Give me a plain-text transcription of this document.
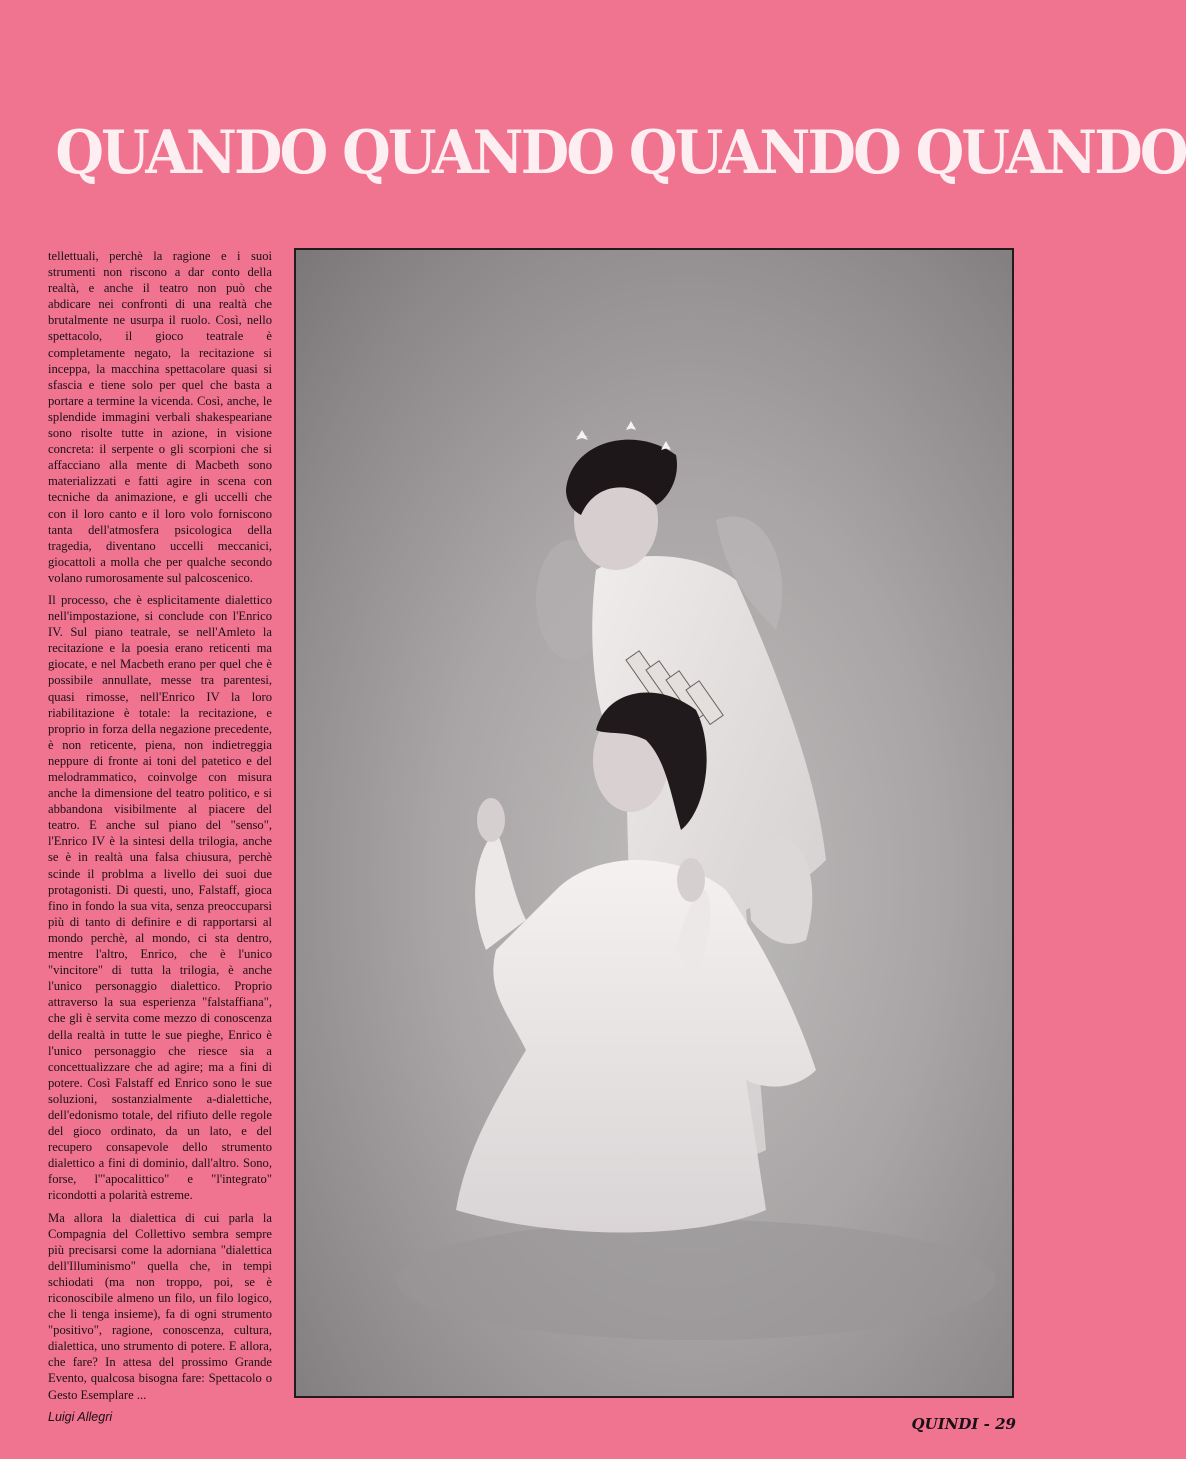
QUANDO QUANDO QUANDO QUANDO

tellettuali, perchè la ragione e i suoi strumenti non riscono a dar conto della realtà, e anche il teatro non può che abdicare nei confronti di una realtà che brutalmente ne usurpa il ruolo. Così, nello spettacolo, il gioco teatrale è completamente negato, la recitazione si inceppa, la macchina spettacolare quasi si sfascia e tiene solo per quel che basta a portare a termine la vicenda. Così, anche, le splendide immagini verbali shakespeariane sono risolte tutte in azione, in visione concreta: il serpente o gli scorpioni che si affacciano alla mente di Macbeth sono materializzati e fatti agire in scena con tecniche da animazione, e gli uccelli che con il loro canto e il loro volo forniscono tanta dell'atmosfera psicologica della tragedia, diventano uccelli meccanici, giocattoli a molla che per qualche secondo volano rumorosamente sul palcoscenico.

Il processo, che è esplicitamente dialettico nell'impostazione, si conclude con l'Enrico IV. Sul piano teatrale, se nell'Amleto la recitazione e la poesia erano reticenti ma giocate, e nel Macbeth erano per quel che è possibile annullate, messe tra parentesi, quasi rimosse, nell'Enrico IV la loro riabilitazione è totale: la recitazione, e proprio in forza della negazione precedente, è non reticente, piena, non indietreggia neppure di fronte ai toni del patetico e del melodrammatico, coinvolge con misura anche la dimensione del teatro politico, e si abbandona visibilmente al piacere del teatro. E anche sul piano del "senso", l'Enrico IV è la sintesi della trilogia, anche se è in realtà una falsa chiusura, perchè scinde il problma a livello dei suoi due protagonisti. Di questi, uno, Falstaff, gioca fino in fondo la sua vita, senza preoccuparsi più di tanto di definire e di rapportarsi al mondo perchè, al mondo, ci sta dentro, mentre l'altro, Enrico, che è l'unico "vincitore" di tutta la trilogia, è anche l'unico personaggio dialettico. Proprio attraverso la sua esperienza "falstaffiana", che gli è servita come mezzo di conoscenza della realtà in tutte le sue pieghe, Enrico è l'unico personaggio che riesce sia a concettualizzare che ad agire; ma a fini di potere. Così Falstaff ed Enrico sono le sue soluzioni, sostanzialmente a-dialettiche, dell'edonismo totale, del rifiuto delle regole del gioco ordinato, da un lato, e del recupero consapevole dello strumento dialettico a fini di dominio, dall'altro. Sono, forse, l'"apocalittico" e "l'integrato" ricondotti a polarità estreme.

Ma allora la dialettica di cui parla la Compagnia del Collettivo sembra sempre più precisarsi come la adorniana "dialettica dell'Illuminismo" quella che, in tempi schiodati (ma non troppo, poi, se è riconoscibile almeno un filo, un filo logico, che li tenga insieme), fa di ogni strumento "positivo", ragione, conoscenza, cultura, dialettica, uno strumento di potere. E allora, che fare? In attesa del prossimo Grande Evento, qualcosa bisogna fare: Spettacolo o Gesto Esemplare ...

Luigi Allegri	QUINDI - 29
